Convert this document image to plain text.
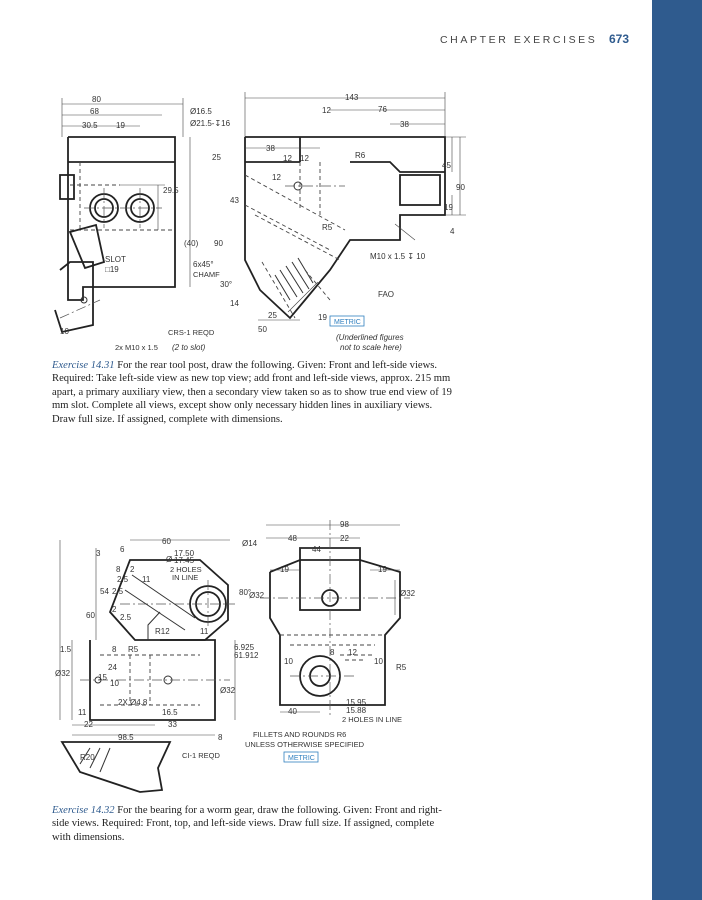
CHAPTER EXERCISES 673
80
68
30.5 19
Ø16.5
Ø21.5-↧16
143
12	76
38
38
12 12	R6
25
12
29.5
43
45
90
19
4
R5
(40) 90
M10 x 1.5 ↧ 10
6x45°
CHAMF
30°
14
25
50
19
10
SLOT
□19
FAO
CRS-1 REQD
2x M10 x 1.5 (2 to slot)
(Underlined figures
not to scale here)
METRIC
60	Ø14
48	22
98
44
3 6
Ø
17.50
17.45
8 2	2 HOLES
IN LINE
2.5 11
54 2.5
19	19
80°
Ø32	Ø32
60
2
2.5
R12	11
1.5	8 R5	8 12
6.925
61.912
10	10
R5
Ø32
24
15
10
2X Ø4.8
Ø32
15.95
15.88
2 HOLES IN LINE
11	16.5	40
22	33
98.5	8
R20	CI-1 REQD
FILLETS AND ROUNDS R6
UNLESS OTHERWISE SPECIFIED
METRIC
Exercise 14.31 For the rear tool post, draw the following. Given: Front and left-side views. Required: Take left-side view as new top view; add front and left-side views, approx. 215 mm apart, a primary auxiliary view, then a secondary view taken so as to show true end view of 19 mm slot. Complete all views, except show only necessary hidden lines in auxiliary views. Draw full size. If assigned, complete with dimensions.
Exercise 14.32 For the bearing for a worm gear, draw the following. Given: Front and right-side views. Required: Front, top, and left-side views. Draw full size. If assigned, complete with dimensions.
